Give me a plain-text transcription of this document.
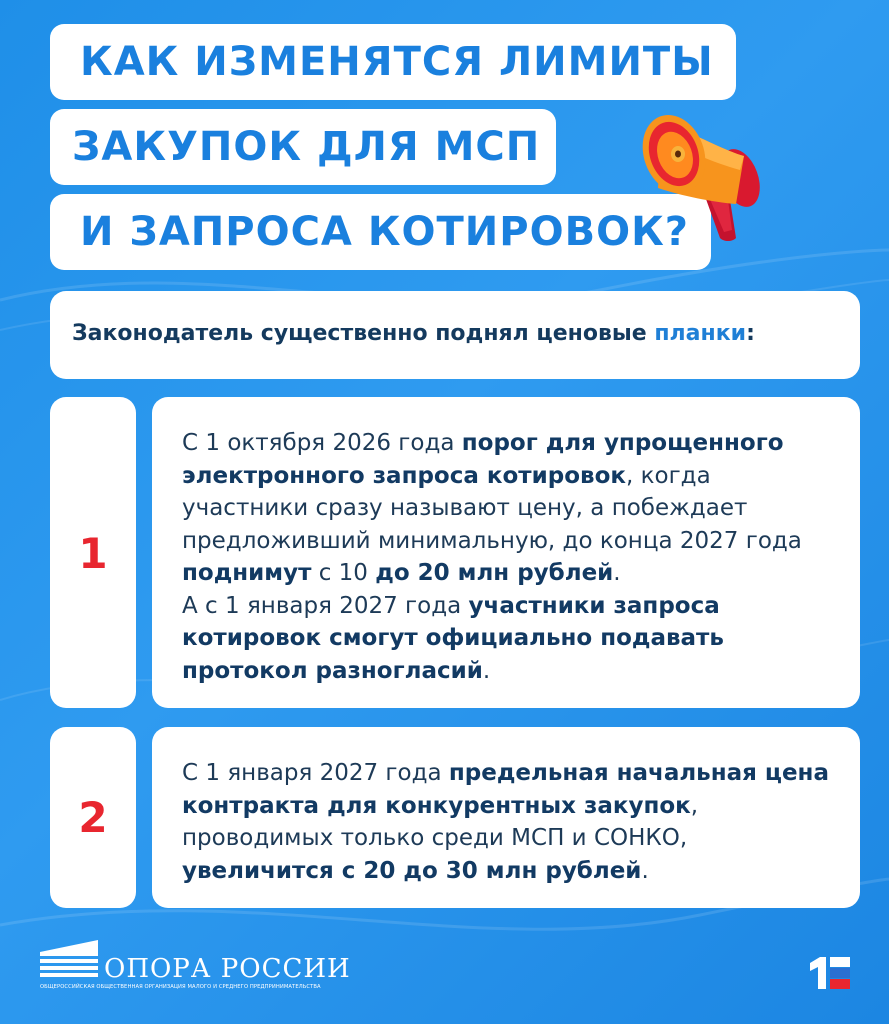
КАК ИЗМЕНЯТСЯ ЛИМИТЫ
ЗАКУПОК ДЛЯ МСП
И ЗАПРОСА КОТИРОВОК?
Законодатель существенно поднял ценовые планки:
1
С 1 октября 2026 года порог для упрощенного электронного запроса котировок, когда участники сразу называют цену, а побеждает предложивший минимальную, до конца 2027 года поднимут с 10 до 20 млн рублей.
А с 1 января 2027 года участники запроса котировок смогут официально подавать протокол разногласий.
2
С 1 января 2027 года предельная начальная цена контракта для конкурентных закупок, проводимых только среди МСП и СОНКО, увеличится с 20 до 30 млн рублей.
ОПОРА РОССИИ
ОБЩЕРОССИЙСКАЯ ОБЩЕСТВЕННАЯ ОРГАНИЗАЦИЯ МАЛОГО И СРЕДНЕГО ПРЕДПРИНИМАТЕЛЬСТВА
